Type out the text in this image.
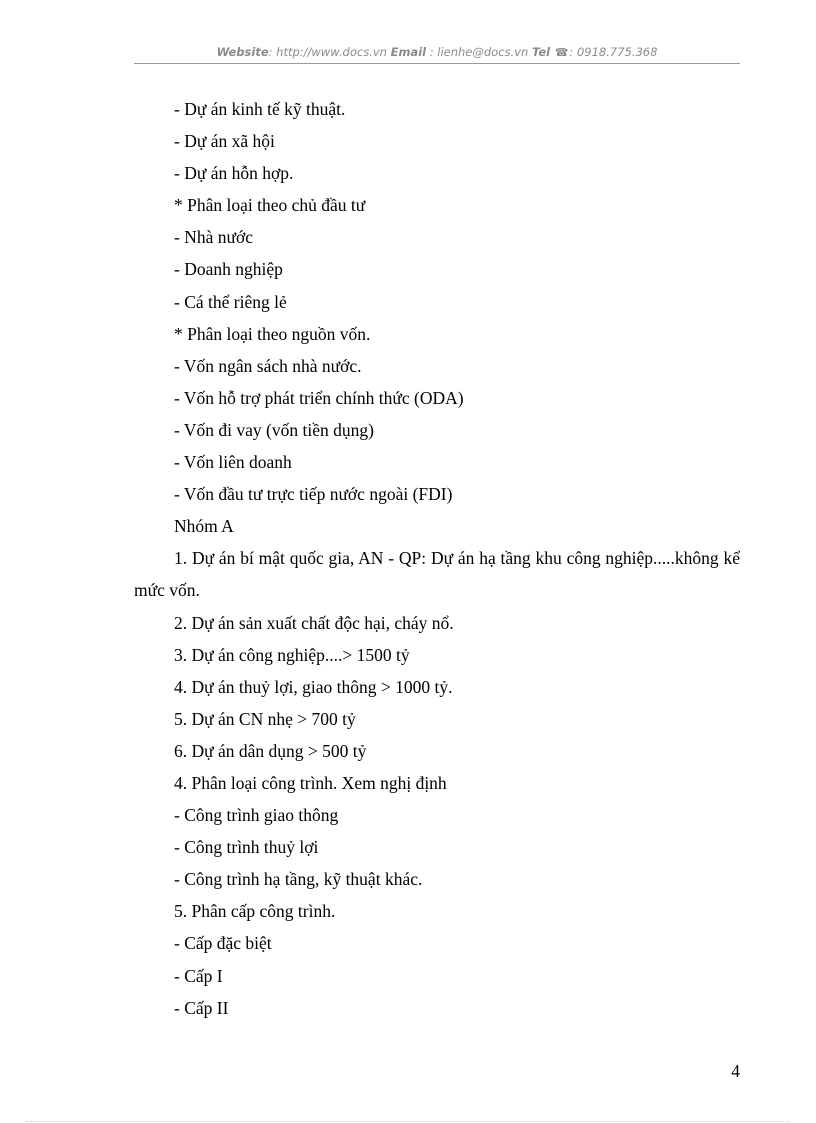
Website: http://www.docs.vn Email : lienhe@docs.vn Tel ☎: 0918.775.368
- Dự án kinh tế kỹ thuật.
- Dự án xã hội
- Dự án hỗn hợp.
* Phân loại theo chủ đầu tư
- Nhà nước
- Doanh nghiệp
- Cá thể riêng lẻ
* Phân loại theo nguồn vốn.
- Vốn ngân sách nhà nước.
- Vốn hỗ trợ phát triển chính thức (ODA)
- Vốn đi vay (vốn tiền dụng)
- Vốn liên doanh
- Vốn đầu tư trực tiếp nước ngoài (FDI)
Nhóm A
1. Dự án bí mật quốc gia, AN - QP: Dự án hạ tầng khu công nghiệp.....không kể mức vốn.
2. Dự án sản xuất chất độc hại, cháy nổ.
3. Dự án công nghiệp....> 1500 tỷ
4. Dự án thuỷ lợi, giao thông > 1000 tỷ.
5. Dự án CN nhẹ > 700 tỷ
6. Dự án dân dụng > 500 tỷ
4. Phân loại công trình. Xem nghị định
- Công trình giao thông
- Công trình thuỷ lợi
- Công trình hạ tầng, kỹ thuật khác.
5. Phân cấp công trình.
- Cấp đặc biệt
- Cấp I
- Cấp II
4
